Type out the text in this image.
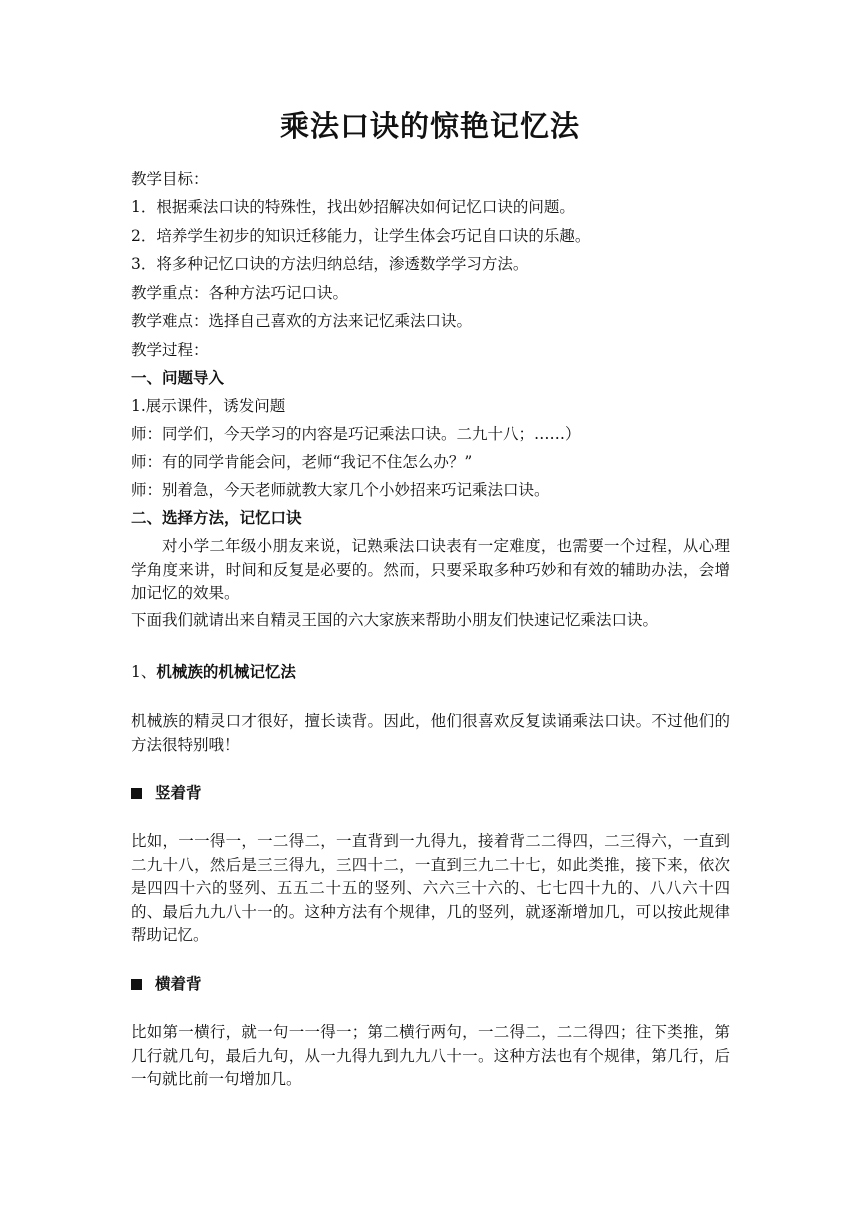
乘法口诀的惊艳记忆法
教学目标：
1．根据乘法口诀的特殊性，找出妙招解决如何记忆口诀的问题。
2．培养学生初步的知识迁移能力，让学生体会巧记自口诀的乐趣。
3．将多种记忆口诀的方法归纳总结，渗透数学学习方法。
教学重点：各种方法巧记口诀。
教学难点：选择自己喜欢的方法来记忆乘法口诀。
教学过程：
一、问题导入
1.展示课件，诱发问题
师：同学们，今天学习的内容是巧记乘法口诀。二九十八；……）
师：有的同学肯能会问，老师“我记不住怎么办？”
师：别着急，今天老师就教大家几个小妙招来巧记乘法口诀。
二、选择方法，记忆口诀
对小学二年级小朋友来说，记熟乘法口诀表有一定难度，也需要一个过程，从心理学角度来讲，时间和反复是必要的。然而，只要采取多种巧妙和有效的辅助办法，会增加记忆的效果。
下面我们就请出来自精灵王国的六大家族来帮助小朋友们快速记忆乘法口诀。
1、机械族的机械记忆法
机械族的精灵口才很好，擅长读背。因此，他们很喜欢反复读诵乘法口诀。不过他们的方法很特别哦！
竖着背
比如，一一得一，一二得二，一直背到一九得九，接着背二二得四，二三得六，一直到二九十八，然后是三三得九，三四十二，一直到三九二十七，如此类推，接下来，依次是四四十六的竖列、五五二十五的竖列、六六三十六的、七七四十九的、八八六十四的、最后九九八十一的。这种方法有个规律，几的竖列，就逐渐增加几，可以按此规律帮助记忆。
横着背
比如第一横行，就一句一一得一；第二横行两句，一二得二，二二得四；往下类推，第几行就几句，最后九句，从一九得九到九九八十一。这种方法也有个规律，第几行，后一句就比前一句增加几。
